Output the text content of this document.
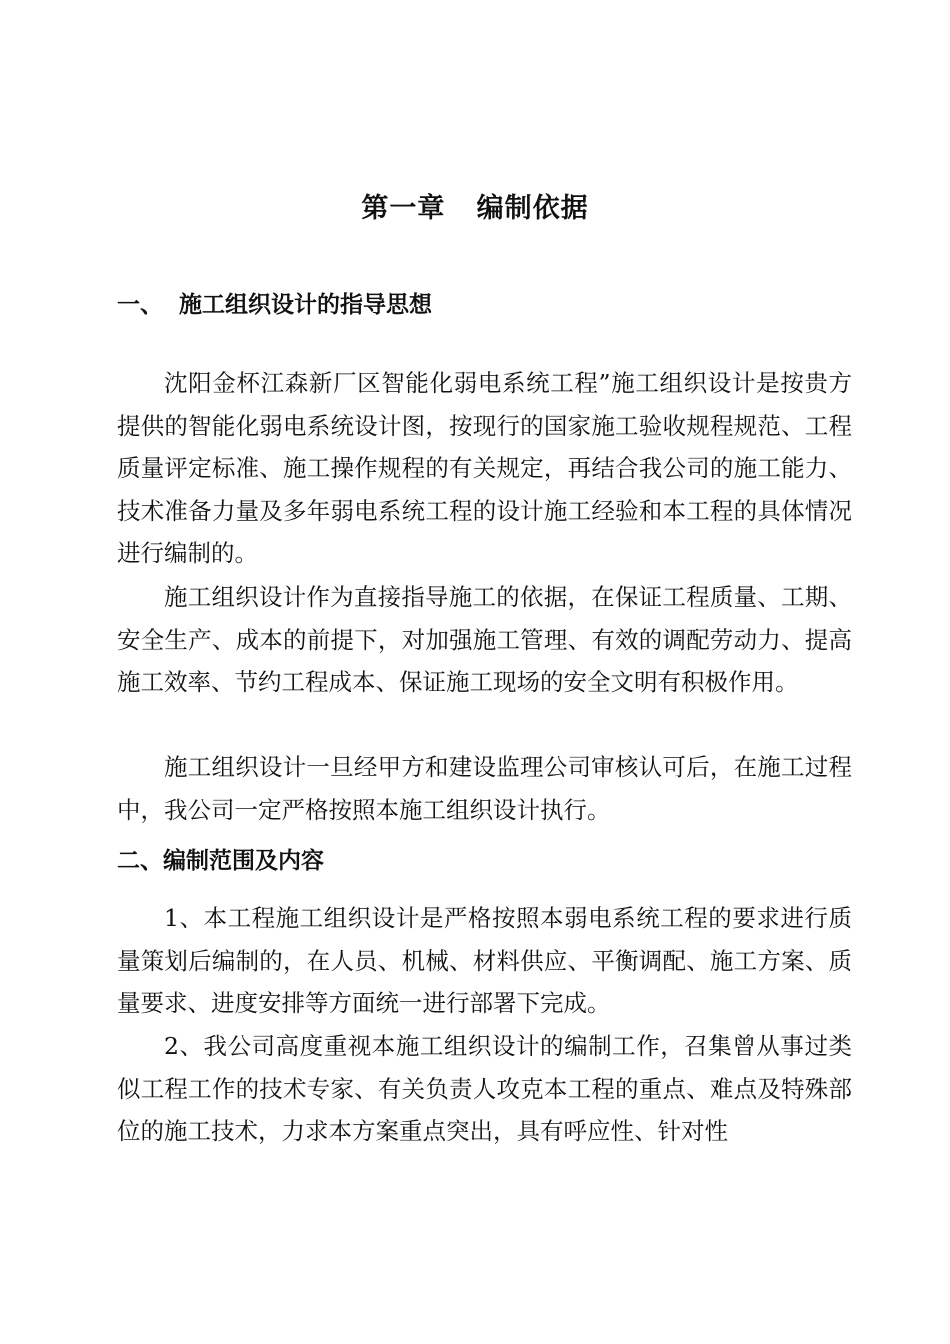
第一章   编制依据
一、  施工组织设计的指导思想

沈阳金杯江森新厂区智能化弱电系统工程”施工组织设计是按贵方提供的智能化弱电系统设计图，按现行的国家施工验收规程规范、工程质量评定标准、施工操作规程的有关规定，再结合我公司的施工能力、技术准备力量及多年弱电系统工程的设计施工经验和本工程的具体情况进行编制的。

施工组织设计作为直接指导施工的依据，在保证工程质量、工期、安全生产、成本的前提下，对加强施工管理、有效的调配劳动力、提高施工效率、节约工程成本、保证施工现场的安全文明有积极作用。

施工组织设计一旦经甲方和建设监理公司审核认可后，在施工过程中，我公司一定严格按照本施工组织设计执行。

二、编制范围及内容

1、本工程施工组织设计是严格按照本弱电系统工程的要求进行质量策划后编制的，在人员、机械、材料供应、平衡调配、施工方案、质量要求、进度安排等方面统一进行部署下完成。

2、我公司高度重视本施工组织设计的编制工作，召集曾从事过类似工程工作的技术专家、有关负责人攻克本工程的重点、难点及特殊部位的施工技术，力求本方案重点突出，具有呼应性、针对性
